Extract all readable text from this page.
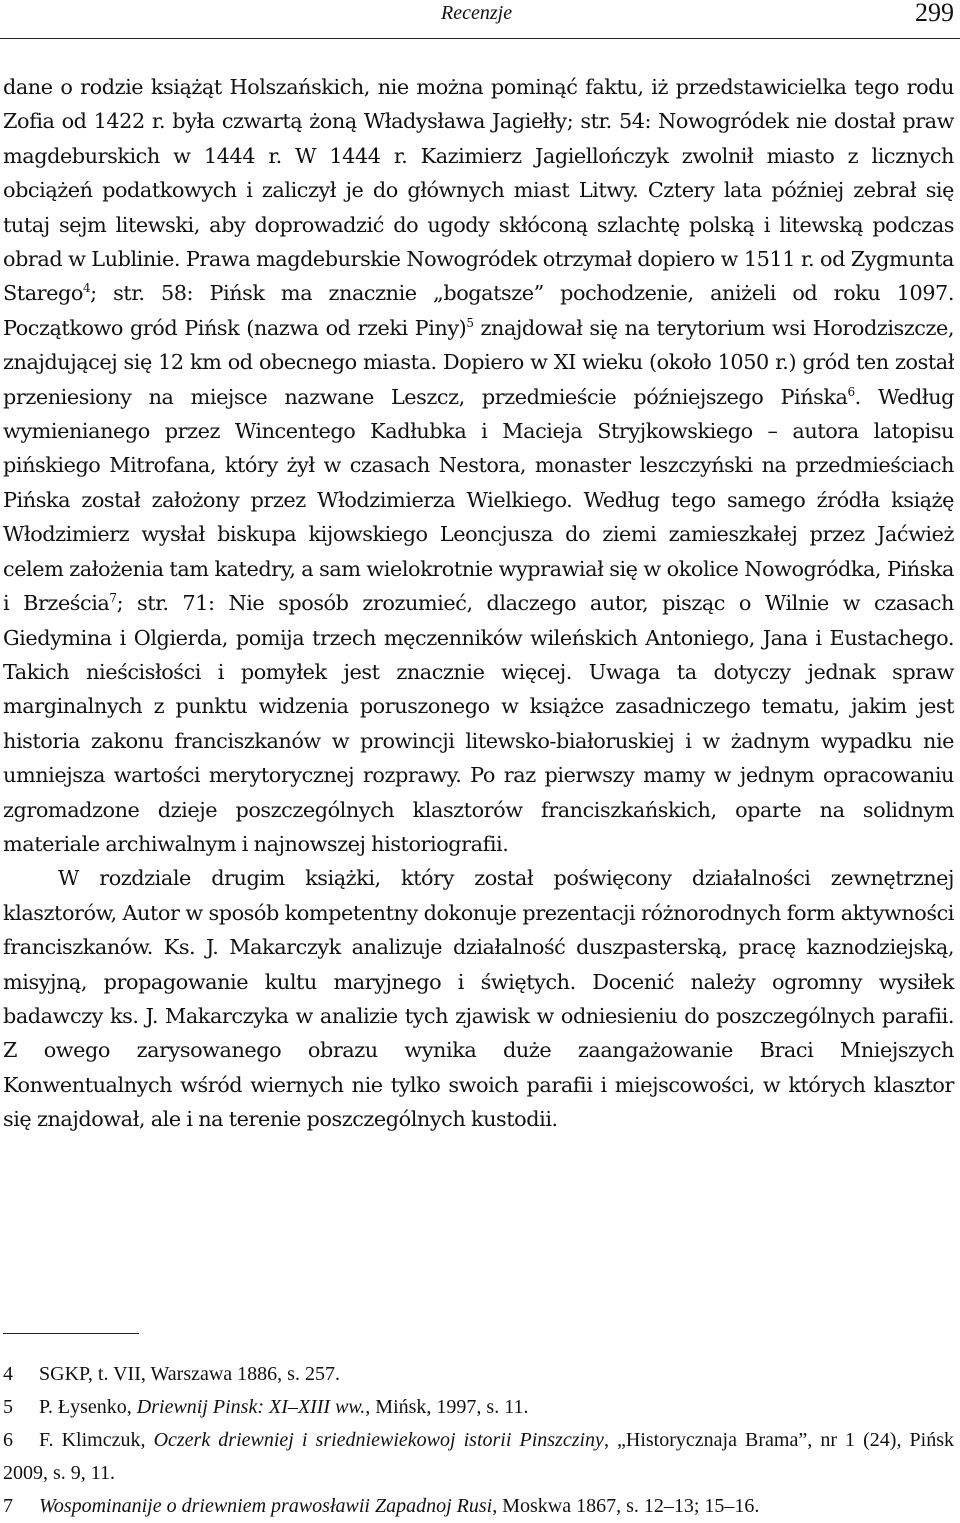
Recenzje	299

dane o rodzie książąt Holszańskich, nie można pominąć faktu, iż przedstawicielka tego rodu Zofia od 1422 r. była czwartą żoną Władysława Jagiełły; str. 54: Nowogródek nie dostał praw magdeburskich w 1444 r. W 1444 r. Kazimierz Jagiellończyk zwolnił miasto z licznych obciążeń podatkowych i zaliczył je do głównych miast Litwy. Cztery lata później zebrał się tutaj sejm litewski, aby doprowadzić do ugody skłóconą szlachtę polską i litewską podczas obrad w Lublinie. Prawa magdeburskie Nowogródek otrzymał dopiero w 1511 r. od Zygmunta Starego$^4$; str. 58: Pińsk ma znacznie „bogatsze” pochodzenie, aniżeli od roku 1097. Początkowo gród Pińsk (nazwa od rzeki Piny)$^5$ znajdował się na terytorium wsi Horodziszcze, znajdującej się 12 km od obecnego miasta. Dopiero w XI wieku (około 1050 r.) gród ten został przeniesiony na miejsce nazwane Leszcz, przedmieście późniejszego Pińska$^6$. Według wymienianego przez Wincentego Kadłubka i Macieja Stryjkowskiego – autora latopisu pińskiego Mitrofana, który żył w czasach Nestora, monaster leszczyński na przedmieściach Pińska został założony przez Włodzimierza Wielkiego. Według tego samego źródła książę Włodzimierz wysłał biskupa kijowskiego Leoncjusza do ziemi zamieszkałej przez Jaćwież celem założenia tam katedry, a sam wielokrotnie wyprawiał się w okolice Nowogródka, Pińska i Brześcia$^7$; str. 71: Nie sposób zrozumieć, dlaczego autor, pisząc o Wilnie w czasach Giedymina i Olgierda, pomija trzech męczenników wileńskich Antoniego, Jana i Eustachego. Takich nieścisłości i pomyłek jest znacznie więcej. Uwaga ta dotyczy jednak spraw marginalnych z punktu widzenia poruszonego w książce zasadniczego tematu, jakim jest historia zakonu franciszkanów w prowincji litewsko-białoruskiej i w żadnym wypadku nie umniejsza wartości merytorycznej rozprawy. Po raz pierwszy mamy w jednym opracowaniu zgromadzone dzieje poszczególnych klasztorów franciszkańskich, oparte na solidnym materiale archiwalnym i najnowszej historiografii.

W rozdziale drugim książki, który został poświęcony działalności zewnętrznej klasztorów, Autor w sposób kompetentny dokonuje prezentacji różnorodnych form aktywności franciszkanów. Ks. J. Makarczyk analizuje działalność duszpasterską, pracę kaznodziejską, misyjną, propagowanie kultu maryjnego i świętych. Docenić należy ogromny wysiłek badawczy ks. J. Makarczyka w analizie tych zjawisk w odniesieniu do poszczególnych parafii. Z owego zarysowanego obrazu wynika duże zaangażowanie Braci Mniejszych Konwentualnych wśród wiernych nie tylko swoich parafii i miejscowości, w których klasztor się znajdował, ale i na terenie poszczególnych kustodii.

4 SGKP, t. VII, Warszawa 1886, s. 257.

5 P. Łysenko, Driewnij Pinsk: XI–XIII ww., Mińsk, 1997, s. 11.

6 F. Klimczuk, Oczerk driewniej i sriedniewiekowoj istorii Pinszcziny, „Historycznaja Brama”, nr 1 (24), Pińsk 2009, s. 9, 11.

7 Wospominanije o driewniem prawosławii Zapadnoj Rusi, Moskwa 1867, s. 12–13; 15–16.
